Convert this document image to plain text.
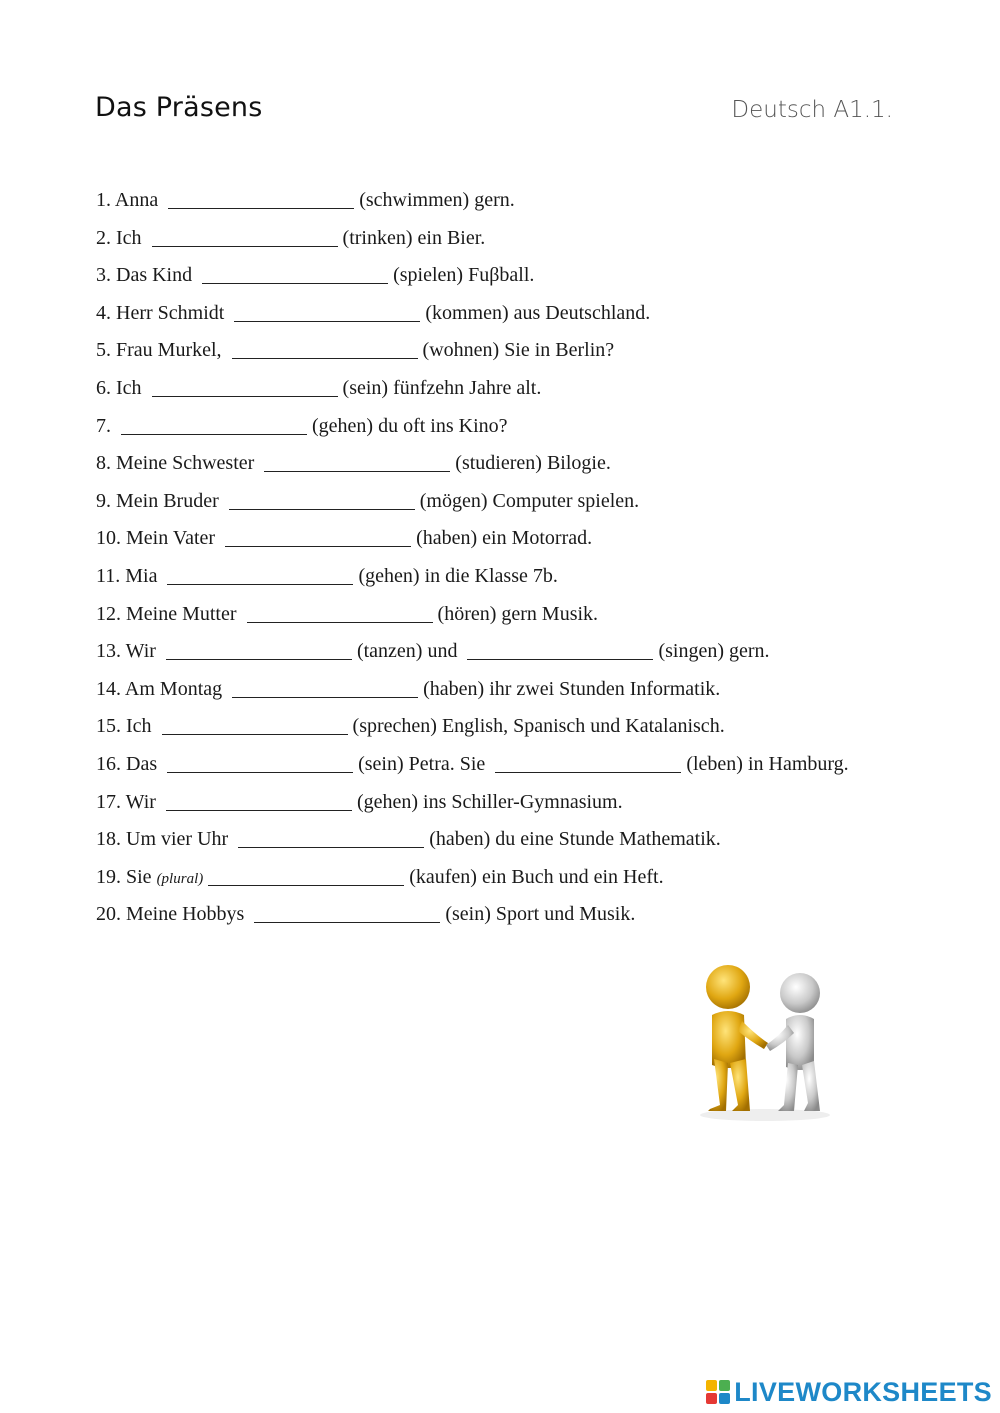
Das Präsens	Deutsch A1.1.
1. Anna	(schwimmen) gern.
2. Ich	(trinken) ein Bier.
3. Das Kind	(spielen) Fuβball.
4. Herr Schmidt	(kommen) aus Deutschland.
5. Frau Murkel,	(wohnen) Sie in Berlin?
6. Ich	(sein) fünfzehn Jahre alt.
7.	(gehen) du oft ins Kino?
8. Meine Schwester	(studieren) Bilogie.
9. Mein Bruder	(mögen) Computer spielen.
10. Mein Vater	(haben) ein Motorrad.
11. Mia	(gehen) in die Klasse 7b.
12. Meine Mutter	(hören) gern Musik.
13. Wir	(tanzen) und	(singen) gern.
14. Am Montag	(haben) ihr zwei Stunden Informatik.
15. Ich	(sprechen) English, Spanisch und Katalanisch.
16. Das	(sein) Petra. Sie	(leben) in Hamburg.
17. Wir	(gehen) ins Schiller-Gymnasium.
18. Um vier Uhr	(haben) du eine Stunde Mathematik.
19. Sie (plural)	(kaufen) ein Buch und ein Heft.
20. Meine Hobbys	(sein) Sport und Musik.
LIVEWORKSHEETS
